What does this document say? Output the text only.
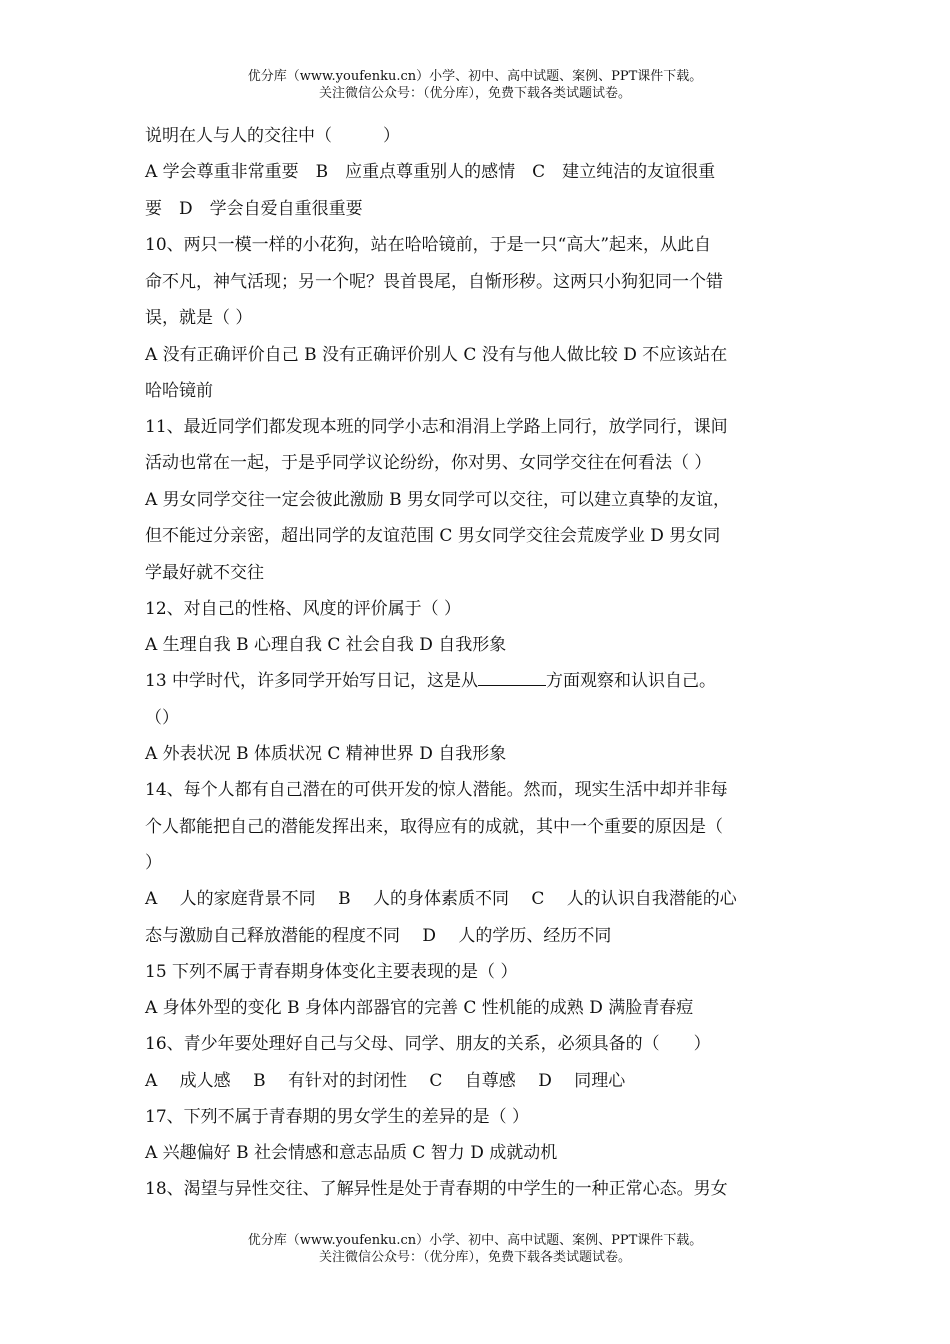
优分库（www.youfenku.cn）小学、初中、高中试题、案例、PPT课件下载。
关注微信公众号：（优分库），免费下载各类试题试卷。
说明在人与人的交往中（　　　）
A 学会尊重非常重要　B　应重点尊重别人的感情　C　建立纯洁的友谊很重
要　D　学会自爱自重很重要
10、两只一模一样的小花狗，站在哈哈镜前，于是一只“高大”起来，从此自
命不凡，神气活现；另一个呢？畏首畏尾，自惭形秽。这两只小狗犯同一个错
误，就是（ ）
A 没有正确评价自己 B 没有正确评价别人 C 没有与他人做比较 D 不应该站在
哈哈镜前
11、最近同学们都发现本班的同学小志和涓涓上学路上同行，放学同行，课间
活动也常在一起，于是乎同学议论纷纷，你对男、女同学交往在何看法（ ）
A 男女同学交往一定会彼此激励 B 男女同学可以交往，可以建立真挚的友谊，
但不能过分亲密，超出同学的友谊范围 C 男女同学交往会荒废学业 D 男女同
学最好就不交往
12、对自己的性格、风度的评价属于（ ）
A 生理自我 B 心理自我 C 社会自我 D 自我形象
13 中学时代，许多同学开始写日记，这是从	方面观察和认识自己。
（）
A 外表状况 B 体质状况 C 精神世界 D 自我形象
14、每个人都有自己潜在的可供开发的惊人潜能。然而，现实生活中却并非每
个人都能把自己的潜能发挥出来，取得应有的成就，其中一个重要的原因是（
）
A　 人的家庭背景不同　 B　 人的身体素质不同　 C　 人的认识自我潜能的心
态与激励自己释放潜能的程度不同　 D　 人的学历、经历不同
15 下列不属于青春期身体变化主要表现的是（ ）
A 身体外型的变化 B 身体内部器官的完善 C 性机能的成熟 D 满脸青春痘
16、青少年要处理好自己与父母、同学、朋友的关系，必须具备的（　　）
A　 成人感　 B　 有针对的封闭性　 C　 自尊感　 D　 同理心
17、下列不属于青春期的男女学生的差异的是（ ）
A 兴趣偏好 B 社会情感和意志品质 C 智力 D 成就动机
18、渴望与异性交往、了解异性是处于青春期的中学生的一种正常心态。男女
优分库（www.youfenku.cn）小学、初中、高中试题、案例、PPT课件下载。
关注微信公众号：（优分库），免费下载各类试题试卷。
